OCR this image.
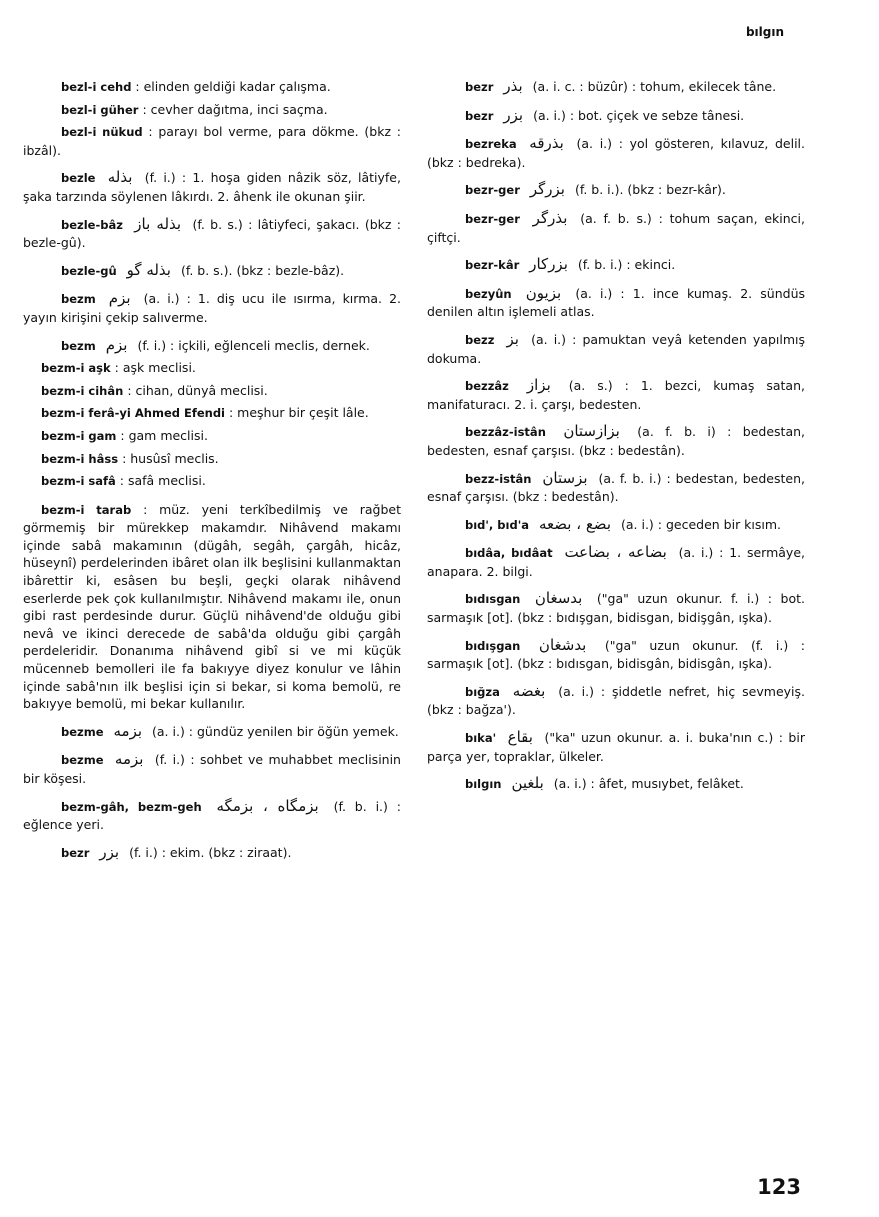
bılgın

bezl-i cehd : elinden geldiği kadar çalışma.

bezl-i güher : cevher dağıtma, inci saçma.

bezl-i nükud : parayı bol verme, para dökme. (bkz : ibzâl).

bezle بذله (f. i.) : 1. hoşa giden nâzik söz, lâtiyfe, şaka tarzında söylenen lâkırdı. 2. âhenk ile okunan şiir.

bezle-bâz بذله باز (f. b. s.) : lâtiyfeci, şakacı. (bkz : bezle-gû).

bezle-gû بذله گو (f. b. s.). (bkz : bezle-bâz).

bezm بزم (a. i.) : 1. diş ucu ile ısırma, kırma. 2. yayın kirişini çekip salıverme.

bezm بزم (f. i.) : içkili, eğlenceli meclis, dernek.

bezm-i aşk : aşk meclisi.

bezm-i cihân : cihan, dünyâ meclisi.

bezm-i ferâ-yi Ahmed Efendi : meşhur bir çeşit lâle.

bezm-i gam : gam meclisi.

bezm-i hâss : husûsî meclis.

bezm-i safâ : safâ meclisi.

bezm-i tarab : müz. yeni terkîbedilmiş ve rağbet görmemiş bir mürekkep makamdır. Nihâvend makamı içinde sabâ makamının (dügâh, segâh, çargâh, hicâz, hüseynî) perdelerinden ibâret olan ilk beşlisini kullanmaktan ibârettir ki, esâsen bu beşli, geçki olarak nihâvend eserlerde pek çok kullanılmıştır. Nihâvend makamı ile, onun gibi rast perdesinde durur. Güçlü nihâvend'de olduğu gibi nevâ ve ikinci derecede de sabâ'da olduğu gibi çargâh perdeleridir. Donanıma nihâvend gibî si ve mi küçük mücenneb bemolleri ile fa bakıyye diyez konulur ve lâhin içinde sabâ'nın ilk beşlisi için si bekar, si koma bemolü, re bakıyye bemolü, mi bekar kullanılır.

bezme بزمه (a. i.) : gündüz yenilen bir öğün yemek.

bezme بزمه (f. i.) : sohbet ve muhabbet meclisinin bir köşesi.

bezm-gâh, bezm-geh بزمگاه ، بزمگه (f. b. i.) : eğlence yeri.

bezr بزر (f. i.) : ekim. (bkz : ziraat).

bezr بذر (a. i. c. : büzûr) : tohum, ekilecek tâne.

bezr بزر (a. i.) : bot. çiçek ve sebze tânesi.

bezreka بذرقه (a. i.) : yol gösteren, kılavuz, delil. (bkz : bedreka).

bezr-ger بزرگر (f. b. i.). (bkz : bezr-kâr).

bezr-ger بذرگر (a. f. b. s.) : tohum saçan, ekinci, çiftçi.

bezr-kâr بزركار (f. b. i.) : ekinci.

bezyûn بزيون (a. i.) : 1. ince kumaş. 2. sündüs denilen altın işlemeli atlas.

bezz بز (a. i.) : pamuktan veyâ ketenden yapılmış dokuma.

bezzâz بزاز (a. s.) : 1. bezci, kumaş satan, manifaturacı. 2. i. çarşı, bedesten.

bezzâz-istân بزازستان (a. f. b. i) : bedestan, bedesten, esnaf çarşısı. (bkz : bedestân).

bezz-istân بزستان (a. f. b. i.) : bedestan, bedesten, esnaf çarşısı. (bkz : bedestân).

bıd', bıd'a بضع ، بضعه (a. i.) : geceden bir kısım.

bıdâa, bıdâat بضاعه ، بضاعت (a. i.) : 1. sermâye, anapara. 2. bilgi.

bıdısgan بدسغان ("ga" uzun okunur. f. i.) : bot. sarmaşık [ot]. (bkz : bıdışgan, bidisgan, bidişgân, ışka).

bıdışgan بدشغان ("ga" uzun okunur. (f. i.) : sarmaşık [ot]. (bkz : bıdısgan, bidisgân, bidisgân, ışka).

bığza بغضه (a. i.) : şiddetle nefret, hiç sevmeyiş. (bkz : bağza').

bıka' بقاع ("ka" uzun okunur. a. i. buka'nın c.) : bir parça yer, topraklar, ülkeler.

bılgın بلغين (a. i.) : âfet, musıybet, felâket.

123
